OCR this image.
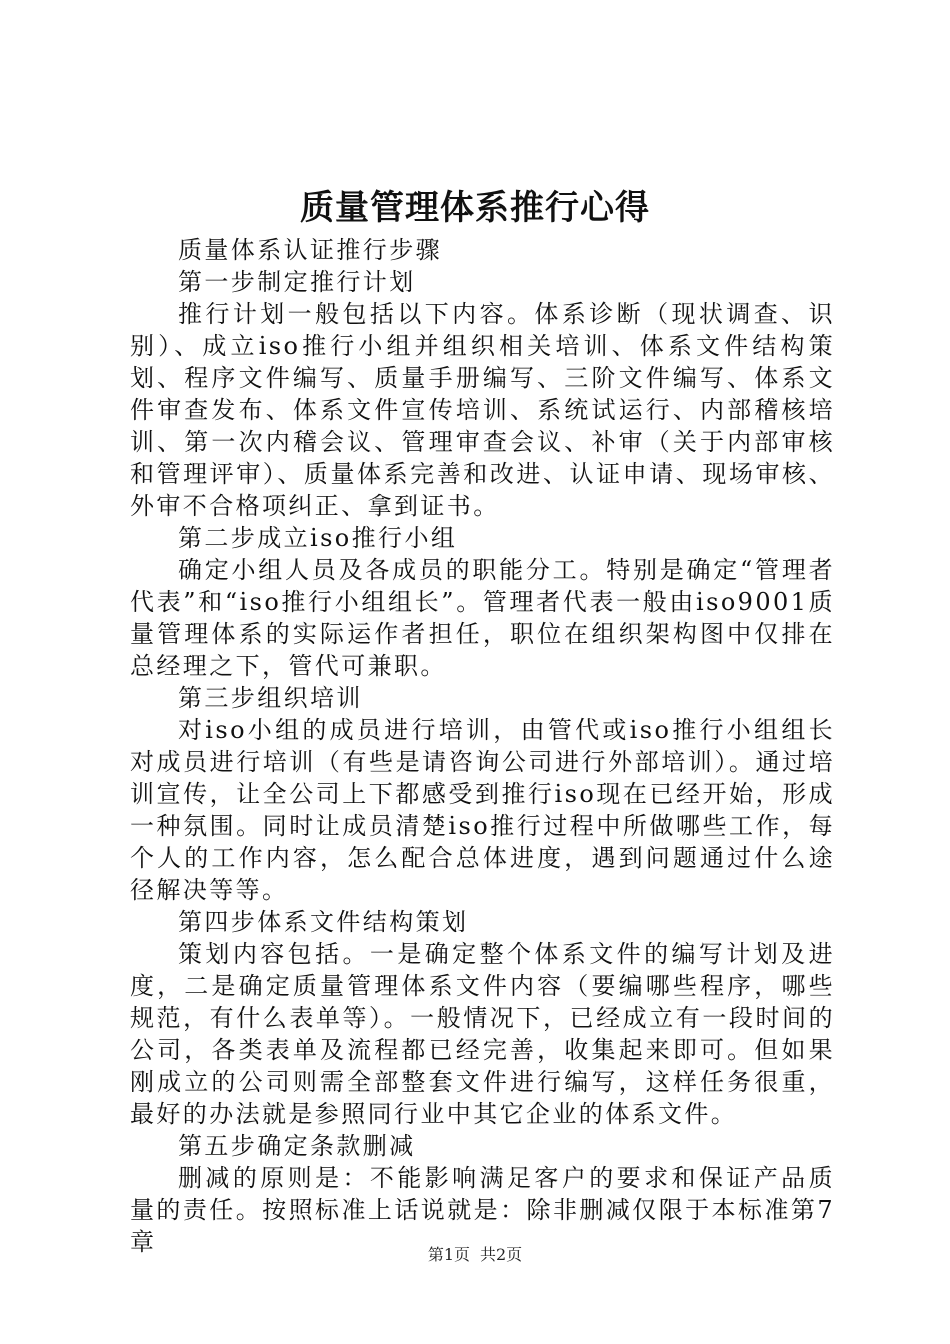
质量管理体系推行心得

质量体系认证推行步骤

第一步制定推行计划

推行计划一般包括以下内容。体系诊断（现状调查、识别）、成立iso推行小组并组织相关培训、体系文件结构策划、程序文件编写、质量手册编写、三阶文件编写、体系文件审查发布、体系文件宣传培训、系统试运行、内部稽核培训、第一次内稽会议、管理审查会议、补审（关于内部审核和管理评审）、质量体系完善和改进、认证申请、现场审核、外审不合格项纠正、拿到证书。

第二步成立iso推行小组

确定小组人员及各成员的职能分工。特别是确定“管理者代表”和“iso推行小组组长”。管理者代表一般由iso9001质量管理体系的实际运作者担任，职位在组织架构图中仅排在总经理之下，管代可兼职。

第三步组织培训

对iso小组的成员进行培训，由管代或iso推行小组组长对成员进行培训（有些是请咨询公司进行外部培训）。通过培训宣传，让全公司上下都感受到推行iso现在已经开始，形成一种氛围。同时让成员清楚iso推行过程中所做哪些工作，每个人的工作内容，怎么配合总体进度，遇到问题通过什么途径解决等等。

第四步体系文件结构策划

策划内容包括。一是确定整个体系文件的编写计划及进度，二是确定质量管理体系文件内容（要编哪些程序，哪些规范，有什么表单等）。一般情况下，已经成立有一段时间的公司，各类表单及流程都已经完善，收集起来即可。但如果刚成立的公司则需全部整套文件进行编写，这样任务很重，最好的办法就是参照同行业中其它企业的体系文件。

第五步确定条款删减

删减的原则是：不能影响满足客户的要求和保证产品质量的责任。按照标准上话说就是：除非删减仅限于本标准第7章	第1页 共2页
